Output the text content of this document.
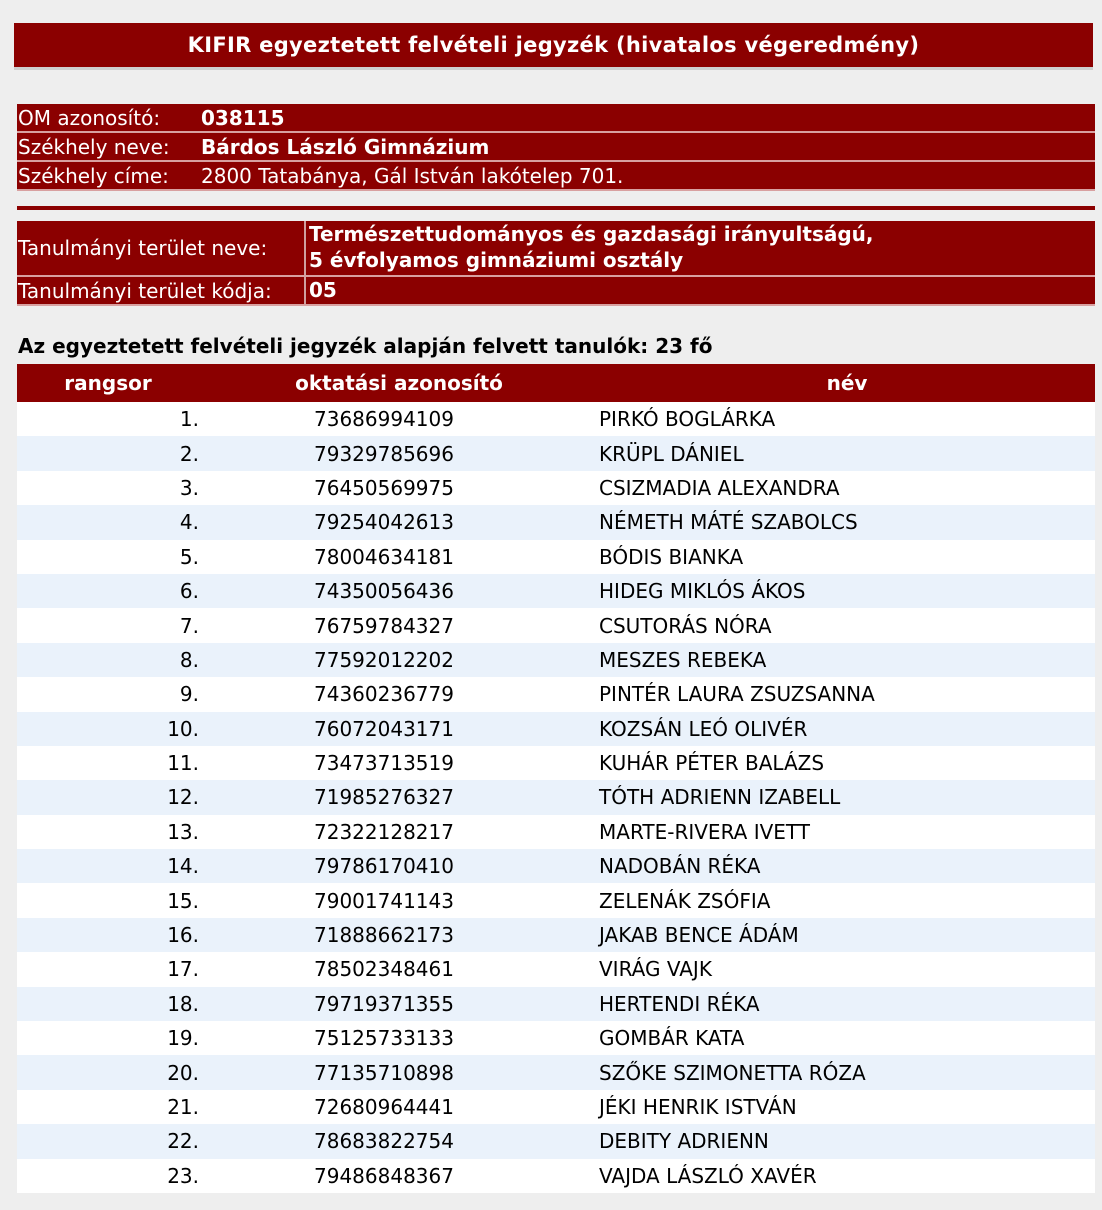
KIFIR egyeztetett felvételi jegyzék (hivatalos végeredmény)
OM azonosító:	038115
Székhely neve:	Bárdos László Gimnázium
Székhely címe:	2800 Tatabánya, Gál István lakótelep 701.
Tanulmányi terület neve:
Természettudományos és gazdasági irányultságú,
5 évfolyamos gimnáziumi osztály
Tanulmányi terület kódja:	05
Az egyeztetett felvételi jegyzék alapján felvett tanulók: 23 fő
rangsor	oktatási azonosító	név
1.	73686994109	PIRKÓ BOGLÁRKA
2.	79329785696	KRÜPL DÁNIEL
3.	76450569975	CSIZMADIA ALEXANDRA
4.	79254042613	NÉMETH MÁTÉ SZABOLCS
5.	78004634181	BÓDIS BIANKA
6.	74350056436	HIDEG MIKLÓS ÁKOS
7.	76759784327	CSUTORÁS NÓRA
8.	77592012202	MESZES REBEKA
9.	74360236779	PINTÉR LAURA ZSUZSANNA
10.	76072043171	KOZSÁN LEÓ OLIVÉR
11.	73473713519	KUHÁR PÉTER BALÁZS
12.	71985276327	TÓTH ADRIENN IZABELL
13.	72322128217	MARTE-RIVERA IVETT
14.	79786170410	NADOBÁN RÉKA
15.	79001741143	ZELENÁK ZSÓFIA
16.	71888662173	JAKAB BENCE ÁDÁM
17.	78502348461	VIRÁG VAJK
18.	79719371355	HERTENDI RÉKA
19.	75125733133	GOMBÁR KATA
20.	77135710898	SZŐKE SZIMONETTA RÓZA
21.	72680964441	JÉKI HENRIK ISTVÁN
22.	78683822754	DEBITY ADRIENN
23.	79486848367	VAJDA LÁSZLÓ XAVÉR
